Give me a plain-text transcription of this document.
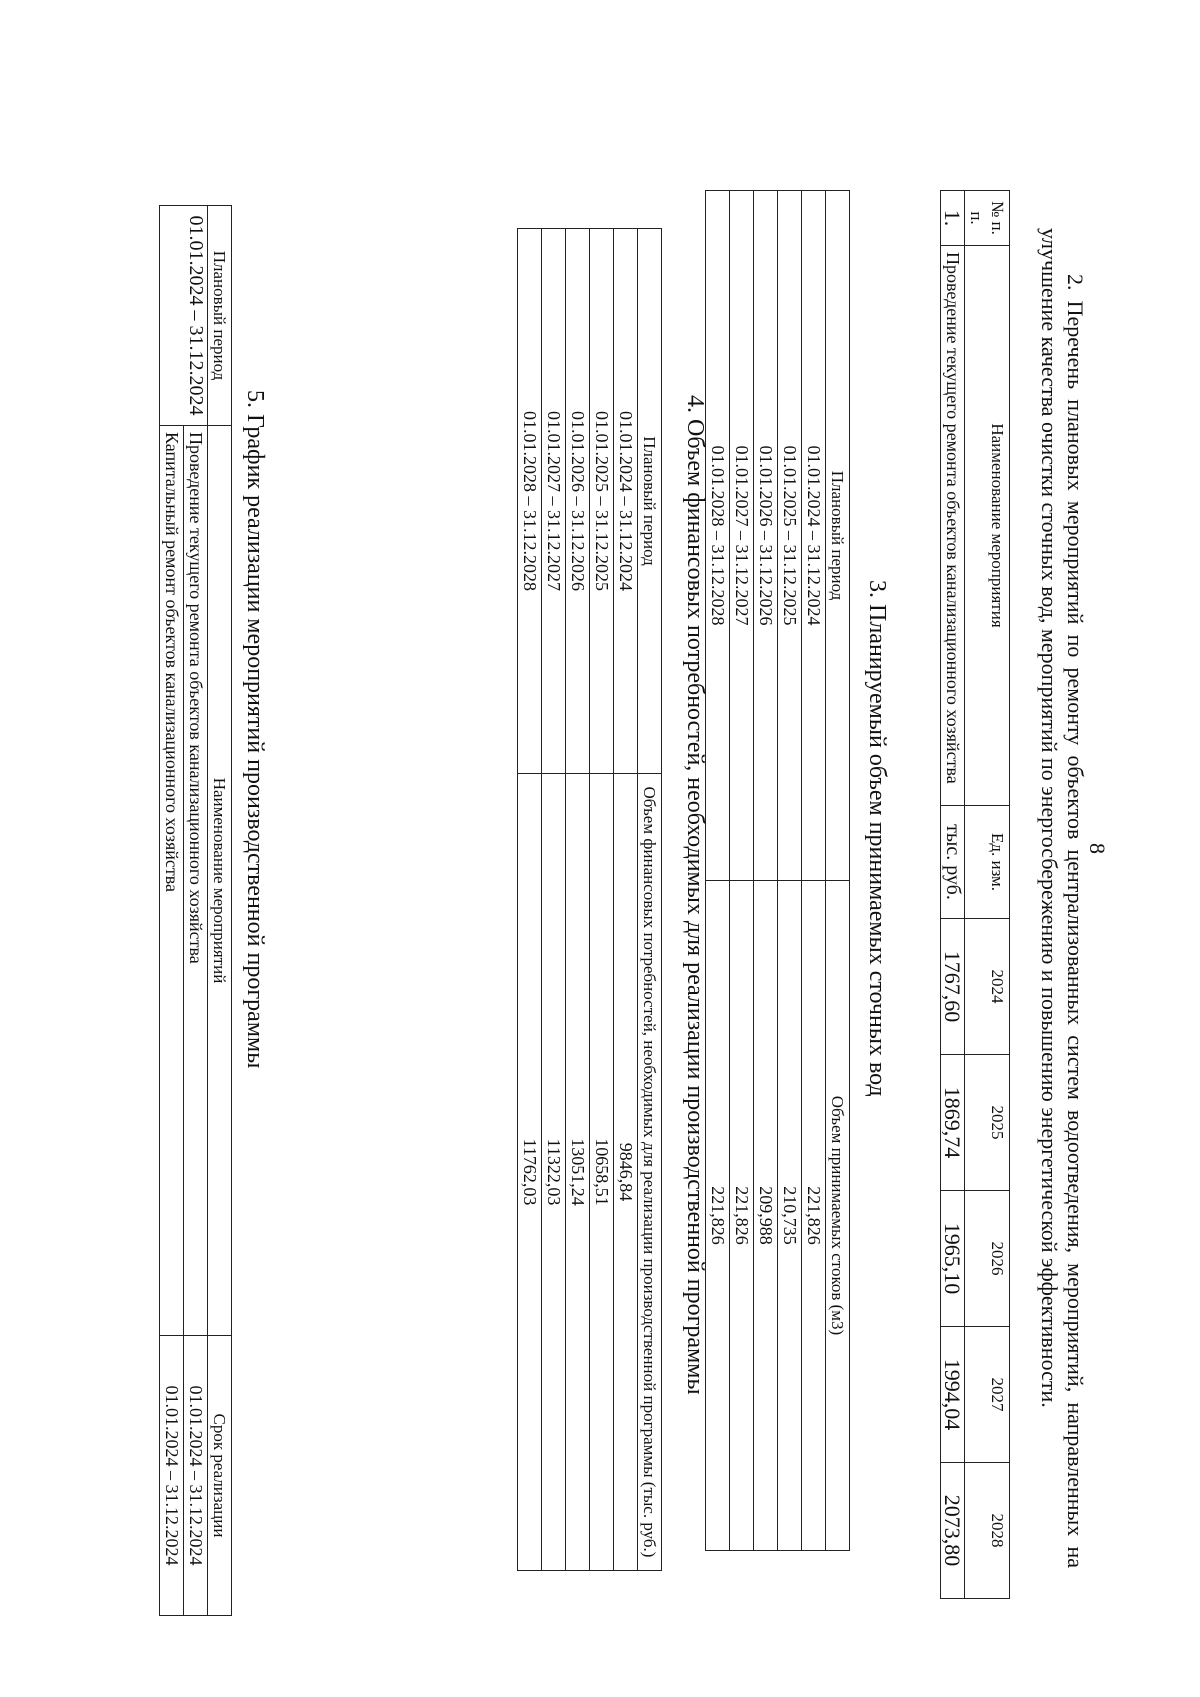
8

2. Перечень плановых мероприятий по ремонту объектов централизованных систем водоотведения, мероприятий, направленных на улучшение качества очистки сточных вод, мероприятий по энергосбережению и повышению энергетической эффективности.

№ п. п.	Наименование мероприятия	Ед. изм.	2024	2025	2026	2027	2028
1.	Проведение текущего ремонта объектов канализационного хозяйства	тыс. руб.	1767,60	1869,74	1965,10	1994,04	2073,80
3. Планируемый объем принимаемых сточных вод
Плановый период	Объем принимаемых стоков (м3)
01.01.2024 – 31.12.2024	221,826
01.01.2025 – 31.12.2025	210,735
01.01.2026 – 31.12.2026	209,988
01.01.2027 – 31.12.2027	221,826
01.01.2028 – 31.12.2028	221,826
4. Объем финансовых потребностей, необходимых для реализации производственной программы
Плановый период	Объем финансовых потребностей, необходимых для реализации производственной программы (тыс. руб.)
01.01.2024 – 31.12.2024	9846,84
01.01.2025 – 31.12.2025	10658,51
01.01.2026 – 31.12.2026	13051,24
01.01.2027 – 31.12.2027	11322,03
01.01.2028 – 31.12.2028	11762,03
5. График реализации мероприятий производственной программы
Плановый период	Наименование мероприятий	Срок реализации
01.01.2024 – 31.12.2024	Проведение текущего ремонта объектов канализационного хозяйства	01.01.2024 – 31.12.2024
	Капитальный ремонт объектов канализационного хозяйства	01.01.2024 – 31.12.2024
